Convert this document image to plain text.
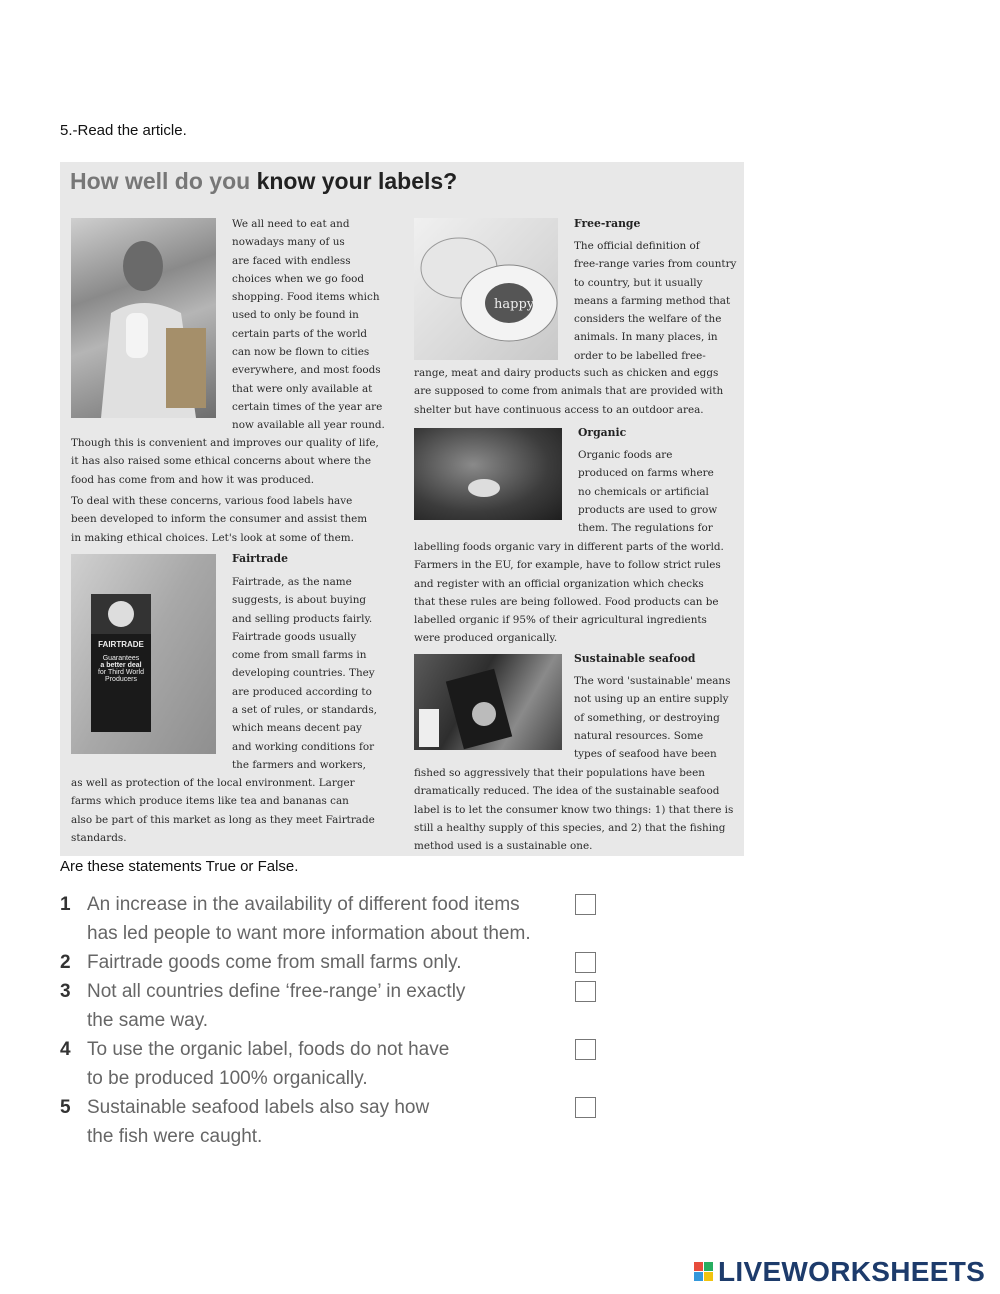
5.-Read the article.
How well do you know your labels?
happy
FAIRTRADE
Guarantees
a better deal
for Third World
Producers
We all need to eat and
nowadays many of us
are faced with endless
choices when we go food
shopping. Food items which
used to only be found in
certain parts of the world
can now be flown to cities
everywhere, and most foods
that were only available at
certain times of the year are
now available all year round.
Though this is convenient and improves our quality of life,
it has also raised some ethical concerns about where the
food has come from and how it was produced.
To deal with these concerns, various food labels have
been developed to inform the consumer and assist them
in making ethical choices. Let's look at some of them.
Fairtrade
Fairtrade, as the name
suggests, is about buying
and selling products fairly.
Fairtrade goods usually
come from small farms in
developing countries. They
are produced according to
a set of rules, or standards,
which means decent pay
and working conditions for
the farmers and workers,
as well as protection of the local environment. Larger
farms which produce items like tea and bananas can
also be part of this market as long as they meet Fairtrade
standards.
Free-range
The official definition of
free-range varies from country
to country, but it usually
means a farming method that
considers the welfare of the
animals. In many places, in
order to be labelled free-
range, meat and dairy products such as chicken and eggs
are supposed to come from animals that are provided with
shelter but have continuous access to an outdoor area.
Organic
Organic foods are
produced on farms where
no chemicals or artificial
products are used to grow
them. The regulations for
labelling foods organic vary in different parts of the world.
Farmers in the EU, for example, have to follow strict rules
and register with an official organization which checks
that these rules are being followed. Food products can be
labelled organic if 95% of their agricultural ingredients
were produced organically.
Sustainable seafood
The word 'sustainable' means
not using up an entire supply
of something, or destroying
natural resources. Some
types of seafood have been
fished so aggressively that their populations have been
dramatically reduced. The idea of the sustainable seafood
label is to let the consumer know two things: 1) that there is
still a healthy supply of this species, and 2) that the fishing
method used is a sustainable one.
Are these statements True or False.
1 An increase in the availability of different food items
has led people to want more information about them.
2 Fairtrade goods come from small farms only.
3 Not all countries define ‘free-range’ in exactly
the same way.
4 To use the organic label, foods do not have
to be produced 100% organically.
5 Sustainable seafood labels also say how
the fish were caught.
LIVEWORKSHEETS
